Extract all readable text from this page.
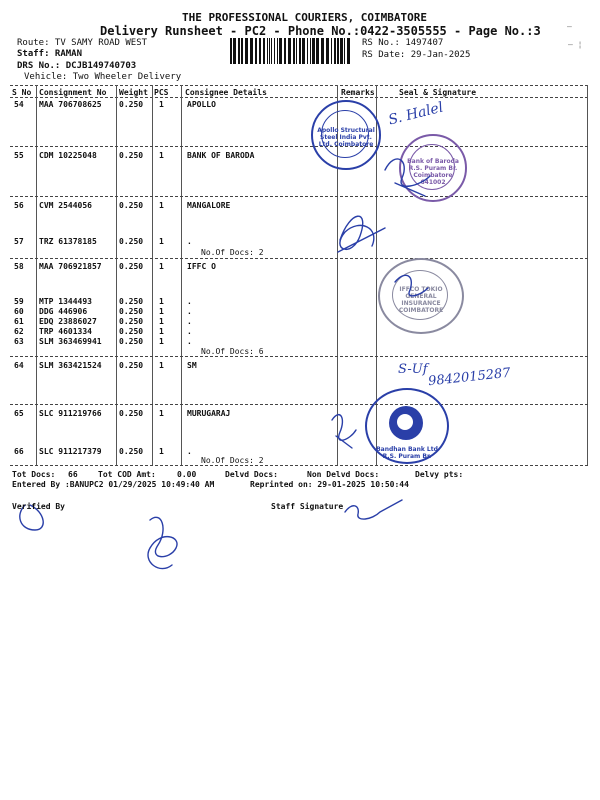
THE PROFESSIONAL COURIERS, COIMBATORE
Delivery Runsheet - PC2 - Phone No.:0422-3505555 - Page No.:3
Route: TV SAMY ROAD WEST
Staff: RAMAN
DRS No.: DCJB149740703
Vehicle: Two Wheeler Delivery
RS No.: 1497407
RS Date: 29-Jan-2025
—
– ¦
S No Consignment No Weight PCS Consignee Details	Remarks	Seal & Signature
54 MAA 706708625 0.250 1	APOLLO
55 CDM 10225048	0.250 1	BANK OF BARODA
56 CVM 2544056	0.250 1	MANGALORE
57 TRZ 61378185	0.250 1	.
No.Of Docs: 2
58 MAA 706921857 0.250 1	IFFC O
59 MTP 1344493	0.250 1	.
60 DDG 446906	0.250 1	.
61 EDQ 23886027	0.250 1	.
62 TRP 4601334	0.250 1	.
63 SLM 363469941 0.250 1	.
No.Of Docs: 6
64 SLM 363421524 0.250 1	SM
65 SLC 911219766 0.250 1	MURUGARAJ
66 SLC 911217379 0.250 1	.
No.Of Docs: 2
Apollo Structural Steel India Pvt. Ltd. Coimbatore
Bank of Baroda R.S. Puram Br. Coimbatore 641002
IFFCO TOKIO GENERAL INSURANCE COIMBATORE
Bandhan Bank Ltd R.S. Puram Br.
S. Halel
S-Uf 9842015287
Tot Docs: 66	Tot COD Amt:	0.00	Delvd Docs:	Non Delvd Docs:	Delvy pts:
Entered By :BANUPC2 01/29/2025 10:49:40 AM	Reprinted on: 29-01-2025 10:50:44
Verified By	Staff Signature
